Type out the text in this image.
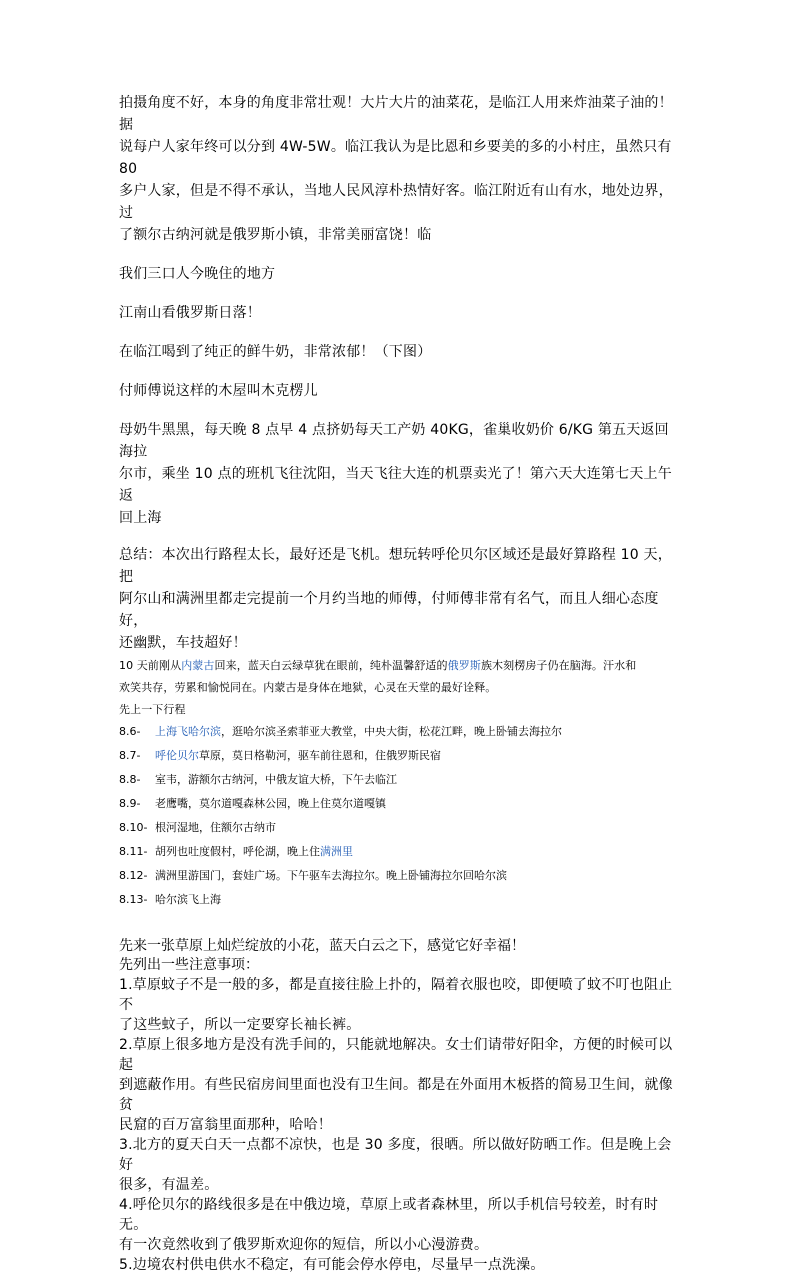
拍摄角度不好，本身的角度非常壮观！大片大片的油菜花，是临江人用来炸油菜子油的！据

说每户人家年终可以分到 4W-5W。临江我认为是比恩和乡要美的多的小村庄，虽然只有 80

多户人家，但是不得不承认，当地人民风淳朴热情好客。临江附近有山有水，地处边界，过

了额尔古纳河就是俄罗斯小镇，非常美丽富饶！临

我们三口人今晚住的地方

江南山看俄罗斯日落！

在临江喝到了纯正的鲜牛奶，非常浓郁！（下图）

付师傅说这样的木屋叫木克楞儿

母奶牛黑黑，每天晚 8 点早 4 点挤奶每天工产奶 40KG，雀巢收奶价 6/KG 第五天返回海拉

尔市，乘坐 10 点的班机飞往沈阳，当天飞往大连的机票卖光了！第六天大连第七天上午返

回上海

总结：本次出行路程太长，最好还是飞机。想玩转呼伦贝尔区域还是最好算路程 10 天，把

阿尔山和满洲里都走完提前一个月约当地的师傅，付师傅非常有名气，而且人细心态度好，

还幽默，车技超好！

10 天前刚从内蒙古回来，蓝天白云绿草犹在眼前，纯朴温馨舒适的俄罗斯族木刻楞房子仍在脑海。汗水和

欢笑共存，劳累和愉悦同在。内蒙古是身体在地狱，心灵在天堂的最好诠释。

先上一下行程

8.6- 上海飞哈尔滨，逛哈尔滨圣索菲亚大教堂，中央大街，松花江畔，晚上卧铺去海拉尔

8.7- 呼伦贝尔草原，莫日格勒河，驱车前往恩和，住俄罗斯民宿

8.8- 室韦，游额尔古纳河，中俄友谊大桥，下午去临江

8.9- 老鹰嘴，莫尔道嘎森林公园，晚上住莫尔道嘎镇

8.10- 根河湿地，住额尔古纳市

8.11- 胡列也吐度假村，呼伦湖，晚上住满洲里

8.12- 满洲里游国门，套娃广场。下午驱车去海拉尔。晚上卧铺海拉尔回哈尔滨

8.13- 哈尔滨飞上海

先来一张草原上灿烂绽放的小花，蓝天白云之下，感觉它好幸福！

先列出一些注意事项：

1.草原蚊子不是一般的多，都是直接往脸上扑的，隔着衣服也咬，即便喷了蚊不叮也阻止不

了这些蚊子，所以一定要穿长袖长裤。

2.草原上很多地方是没有洗手间的，只能就地解决。女士们请带好阳伞，方便的时候可以起

到遮蔽作用。有些民宿房间里面也没有卫生间。都是在外面用木板搭的简易卫生间，就像贫

民窟的百万富翁里面那种，哈哈！

3.北方的夏天白天一点都不凉快，也是 30 多度，很晒。所以做好防晒工作。但是晚上会好

很多，有温差。

4.呼伦贝尔的路线很多是在中俄边境，草原上或者森林里，所以手机信号较差，时有时无。

有一次竟然收到了俄罗斯欢迎你的短信，所以小心漫游费。

5.边境农村供电供水不稳定，有可能会停水停电，尽量早一点洗澡。
